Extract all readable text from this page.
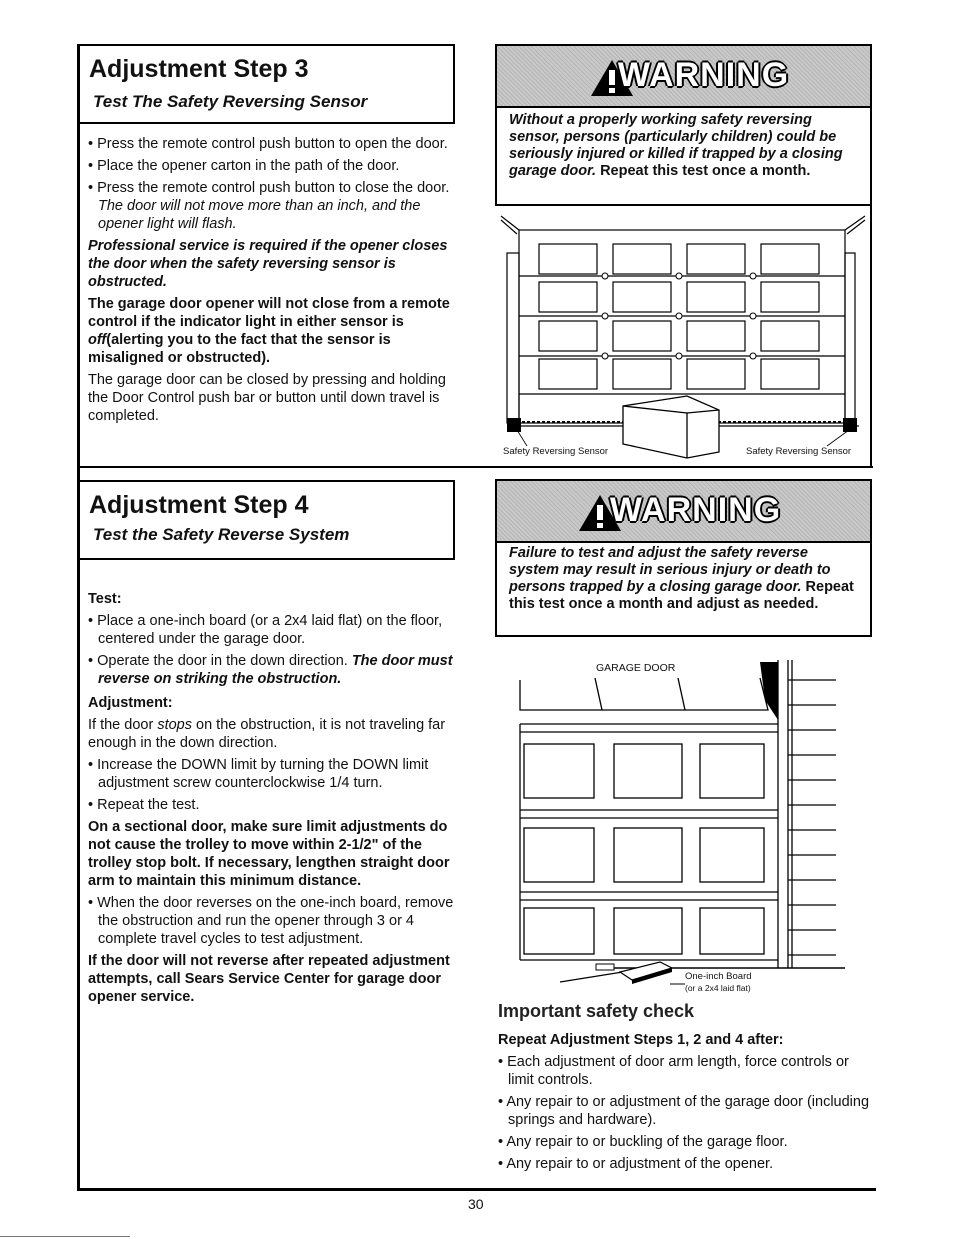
Adjustment Step 3
Test The Safety Reversing Sensor

• Press the remote control push button to open the door.

• Place the opener carton in the path of the door.

• Press the remote control push button to close the door. The door will not move more than an inch, and the opener light will flash.

Professional service is required if the opener closes the door when the safety reversing sensor is obstructed.

The garage door opener will not close from a remote control if the indicator light in either sensor is off(alerting you to the fact that the sensor is misaligned or obstructed).

The garage door can be closed by pressing and holding the Door Control push bar or button until down travel is completed.

WARNING
Without a properly working safety reversing sensor, persons (particularly children) could be seriously injured or killed if trapped by a closing garage door. Repeat this test once a month.
Safety Reversing Sensor	Safety Reversing Sensor
Adjustment Step 4
Test the Safety Reverse System

Test:

• Place a one-inch board (or a 2x4 laid flat) on the floor, centered under the garage door.

• Operate the door in the down direction. The door must reverse on striking the obstruction.

Adjustment:

If the door stops on the obstruction, it is not traveling far enough in the down direction.

• Increase the DOWN limit by turning the DOWN limit adjustment screw counterclockwise 1/4 turn.

• Repeat the test.

On a sectional door, make sure limit adjustments do not cause the trolley to move within 2-1/2" of the trolley stop bolt. If necessary, lengthen straight door arm to maintain this minimum distance.

• When the door reverses on the one-inch board, remove the obstruction and run the opener through 3 or 4 complete travel cycles to test adjustment.

If the door will not reverse after repeated adjustment attempts, call Sears Service Center for garage door opener service.

WARNING
Failure to test and adjust the safety reverse system may result in serious injury or death to persons trapped by a closing garage door. Repeat this test once a month and adjust as needed.
GARAGE DOOR
One-inch Board
(or a 2x4 laid flat)
Important safety check

Repeat Adjustment Steps 1, 2 and 4 after:

• Each adjustment of door arm length, force controls or limit controls.

• Any repair to or adjustment of the garage door (including springs and hardware).

• Any repair to or buckling of the garage floor.

• Any repair to or adjustment of the opener.

30
